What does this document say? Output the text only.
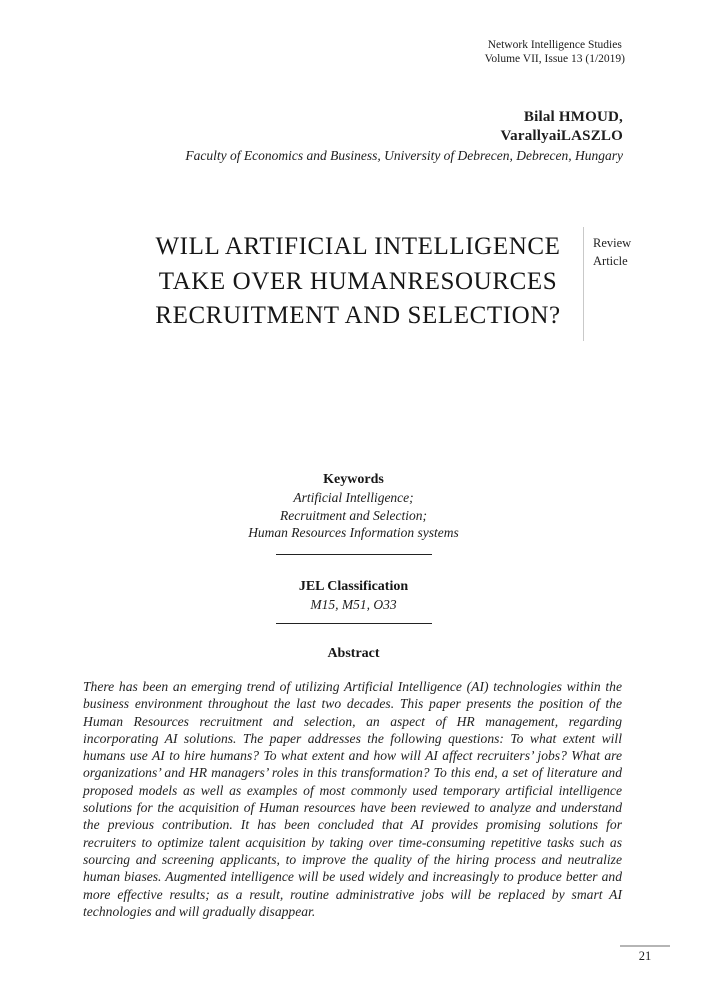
Network Intelligence Studies
Volume VII, Issue 13 (1/2019)
Bilal HMOUD,
VarallyaiLASZLO
Faculty of Economics and Business, University of Debrecen, Debrecen, Hungary
WILL ARTIFICIAL INTELLIGENCE
TAKE OVER HUMANRESOURCES
RECRUITMENT AND SELECTION?
Review
Article
Keywords
Artificial Intelligence;
Recruitment and Selection;
Human Resources Information systems
JEL Classification
M15, M51, O33
Abstract

There has been an emerging trend of utilizing Artificial Intelligence (AI) technologies within the business environment throughout the last two decades. This paper presents the position of the Human Resources recruitment and selection, an aspect of HR management, regarding incorporating AI solutions. The paper addresses the following questions: To what extent will humans use AI to hire humans? To what extent and how will AI affect recruiters’ jobs? What are organizations’ and HR managers’ roles in this transformation? To this end, a set of literature and proposed models as well as examples of most commonly used temporary artificial intelligence solutions for the acquisition of Human resources have been reviewed to analyze and understand the previous contribution. It has been concluded that AI provides promising solutions for recruiters to optimize talent acquisition by taking over time-consuming repetitive tasks such as sourcing and screening applicants, to improve the quality of the hiring process and neutralize human biases. Augmented intelligence will be used widely and increasingly to produce better and more effective results; as a result, routine administrative jobs will be replaced by smart AI technologies and will gradually disappear.

21
